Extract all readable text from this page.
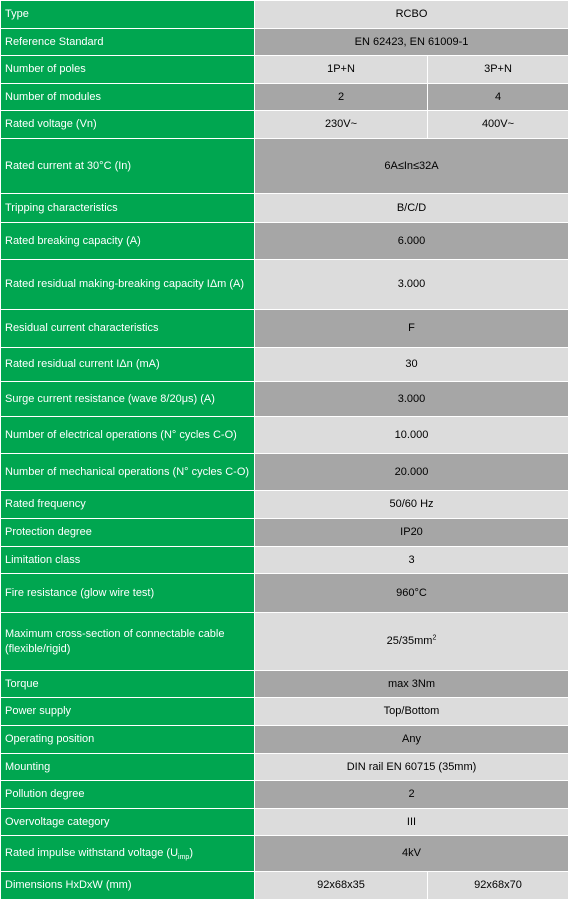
Type	RCBO	
Reference Standard	EN 62423, EN 61009-1	
Number of poles	1P+N	3P+N
Number of modules	2	4
Rated voltage (Vn)	230V~	400V~
Rated current at 30°C (In)	6A≤In≤32A	
Tripping characteristics	B/C/D	
Rated breaking capacity (A)	6.000	
Rated residual making-breaking capacity IΔm (A)	3.000	
Residual current characteristics	F	
Rated residual current IΔn (mA)	30	
Surge current resistance (wave 8/20μs) (A)	3.000	
Number of electrical operations (N° cycles C-O)	10.000	
Number of mechanical operations (N° cycles C-O)	20.000	
Rated frequency	50/60 Hz	
Protection degree	IP20	
Limitation class	3	
Fire resistance (glow wire test)	960°C	
Maximum cross-section of connectable cable (flexible/rigid)	$25/35mm^2$
Torque	max 3Nm	
Power supply	Top/Bottom	
Operating position	Any	
Mounting	DIN rail EN 60715 (35mm)	
Pollution degree	2	
Overvoltage category	III	
Rated impulse withstand voltage $(U_{imp})$	4kV	
Dimensions HxDxW (mm)	92x68x35	92x68x70
